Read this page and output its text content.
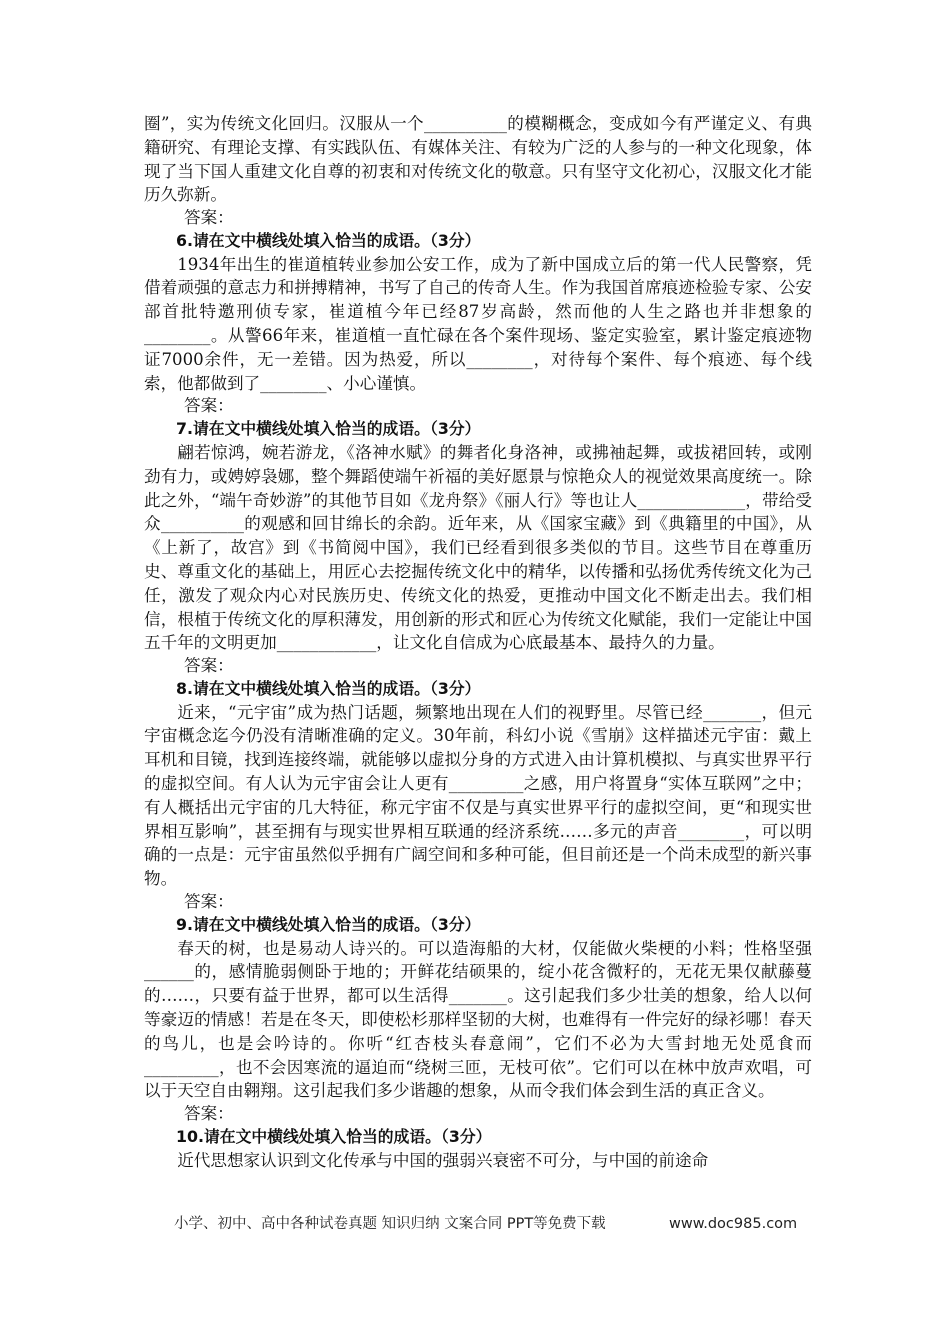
圈”，实为传统文化回归。汉服从一个__________的模糊概念，变成如今有严谨定义、有典籍研究、有理论支撑、有实践队伍、有媒体关注、有较为广泛的人参与的一种文化现象，体现了当下国人重建文化自尊的初衷和对传统文化的敬意。只有坚守文化初心，汉服文化才能历久弥新。

答案：

6.请在文中横线处填入恰当的成语。（3分）

1934年出生的崔道植转业参加公安工作，成为了新中国成立后的第一代人民警察，凭借着顽强的意志力和拼搏精神，书写了自己的传奇人生。作为我国首席痕迹检验专家、公安部首批特邀刑侦专家，崔道植今年已经87岁高龄，然而他的人生之路也并非想象的________。从警66年来，崔道植一直忙碌在各个案件现场、鉴定实验室，累计鉴定痕迹物证7000余件，无一差错。因为热爱，所以________，对待每个案件、每个痕迹、每个线索，他都做到了________、小心谨慎。

答案：

7.请在文中横线处填入恰当的成语。（3分）

翩若惊鸿，婉若游龙，《洛神水赋》的舞者化身洛神，或拂袖起舞，或拔裙回转，或刚劲有力，或娉婷袅娜，整个舞蹈使端午祈福的美好愿景与惊艳众人的视觉效果高度统一。除此之外，“端午奇妙游”的其他节目如《龙舟祭》《丽人行》等也让人_____________，带给受众__________的观感和回甘绵长的余韵。近年来，从《国家宝藏》到《典籍里的中国》，从《上新了，故宫》到《书简阅中国》，我们已经看到很多类似的节目。这些节目在尊重历史、尊重文化的基础上，用匠心去挖掘传统文化中的精华，以传播和弘扬优秀传统文化为己任，激发了观众内心对民族历史、传统文化的热爱，更推动中国文化不断走出去。我们相信，根植于传统文化的厚积薄发，用创新的形式和匠心为传统文化赋能，我们一定能让中国五千年的文明更加____________，让文化自信成为心底最基本、最持久的力量。

答案：

8.请在文中横线处填入恰当的成语。（3分）

近来，“元宇宙”成为热门话题，频繁地出现在人们的视野里。尽管已经_______，但元宇宙概念迄今仍没有清晰准确的定义。30年前，科幻小说《雪崩》这样描述元宇宙：戴上耳机和目镜，找到连接终端，就能够以虚拟分身的方式进入由计算机模拟、与真实世界平行的虚拟空间。有人认为元宇宙会让人更有_________之感，用户将置身“实体互联网”之中；有人概括出元宇宙的几大特征，称元宇宙不仅是与真实世界平行的虚拟空间，更“和现实世界相互影响”，甚至拥有与现实世界相互联通的经济系统……多元的声音________，可以明确的一点是：元宇宙虽然似乎拥有广阔空间和多种可能，但目前还是一个尚未成型的新兴事物。

答案：

9.请在文中横线处填入恰当的成语。（3分）

春天的树，也是易动人诗兴的。可以造海船的大材，仅能做火柴梗的小料；性格坚强______的，感情脆弱侧卧于地的；开鲜花结硕果的，绽小花含微籽的，无花无果仅献藤蔓的……，只要有益于世界，都可以生活得_______。这引起我们多少壮美的想象，给人以何等豪迈的情感！若是在冬天，即使松杉那样坚韧的大树，也难得有一件完好的绿衫哪！春天的鸟儿，也是会吟诗的。你听“红杏枝头春意闹”，它们不必为大雪封地无处觅食而_________，也不会因寒流的逼迫而“绕树三匝，无枝可依”。它们可以在林中放声欢唱，可以于天空自由翱翔。这引起我们多少谐趣的想象，从而令我们体会到生活的真正含义。

答案：

10.请在文中横线处填入恰当的成语。（3分）

近代思想家认识到文化传承与中国的强弱兴衰密不可分，与中国的前途命

小学、初中、高中各种试卷真题 知识归纳 文案合同 PPT等免费下载	www.doc985.com
